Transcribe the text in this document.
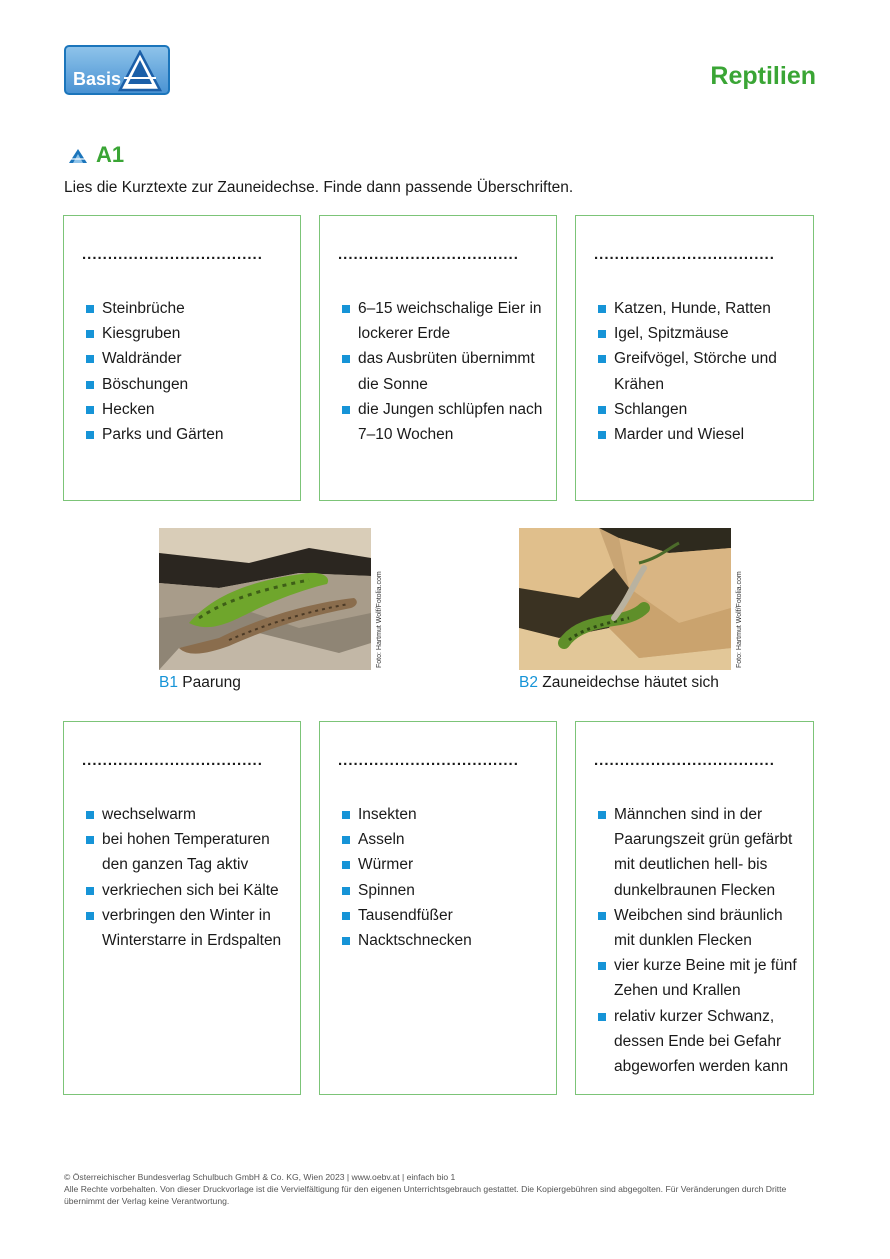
Basis	Reptilien
A1
Lies die Kurztexte zur Zauneidechse. Finde dann passende Überschriften.
...................................
Steinbrüche
Kiesgruben
Waldränder
Böschungen
Hecken
Parks und Gärten
...................................
6–15 weichschalige Eier in lockerer Erde
das Ausbrüten übernimmt die Sonne
die Jungen schlüpfen nach 7–10 Wochen
...................................
Katzen, Hunde, Ratten
Igel, Spitzmäuse
Greifvögel, Störche und Krähen
Schlangen
Marder und Wiesel
Foto: Hartmut Wolf/Fotolia.com
B1 Paarung
Foto: Hartmut Wolf/Fotolia.com
B2 Zauneidechse häutet sich
...................................
wechselwarm
bei hohen Temperaturen den ganzen Tag aktiv
verkriechen sich bei Kälte
verbringen den Winter in Winterstarre in Erdspalten
...................................
Insekten
Asseln
Würmer
Spinnen
Tausendfüßer
Nacktschnecken
...................................
Männchen sind in der Paarungszeit grün gefärbt mit deutlichen hell- bis dunkelbraunen Flecken
Weibchen sind bräunlich mit dunklen Flecken
vier kurze Beine mit je fünf Zehen und Krallen
relativ kurzer Schwanz, dessen Ende bei Gefahr abgeworfen werden kann
© Österreichischer Bundesverlag Schulbuch GmbH & Co. KG, Wien 2023 | www.oebv.at | einfach bio 1
Alle Rechte vorbehalten. Von dieser Druckvorlage ist die Vervielfältigung für den eigenen Unterrichtsgebrauch gestattet. Die Kopiergebühren sind abgegolten. Für Veränderungen durch Dritte übernimmt der Verlag keine Verantwortung.
